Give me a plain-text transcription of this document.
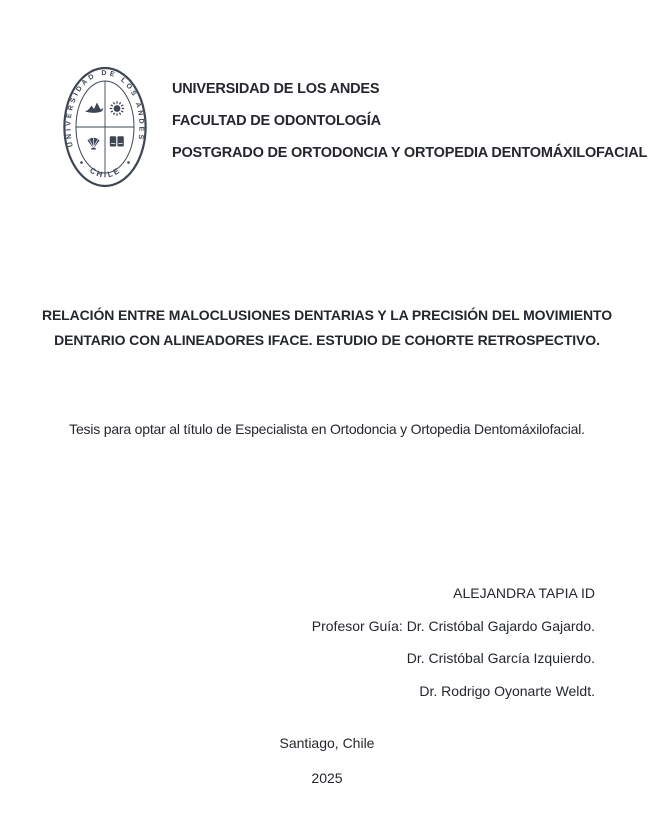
UNIVERSIDAD DE LOS ANDES
CHILE
UNIVERSIDAD DE LOS ANDES
FACULTAD DE ODONTOLOGÍA
POSTGRADO DE ORTODONCIA Y ORTOPEDIA DENTOMÁXILOFACIAL
RELACIÓN ENTRE MALOCLUSIONES DENTARIAS Y LA PRECISIÓN DEL MOVIMIENTO
DENTARIO CON ALINEADORES IFACE. ESTUDIO DE COHORTE RETROSPECTIVO.
Tesis para optar al título de Especialista en Ortodoncia y Ortopedia Dentomáxilofacial.
ALEJANDRA TAPIA ID
Profesor Guía: Dr. Cristóbal Gajardo Gajardo.
Dr. Cristóbal García Izquierdo.
Dr. Rodrigo Oyonarte Weldt.
Santiago, Chile
2025
